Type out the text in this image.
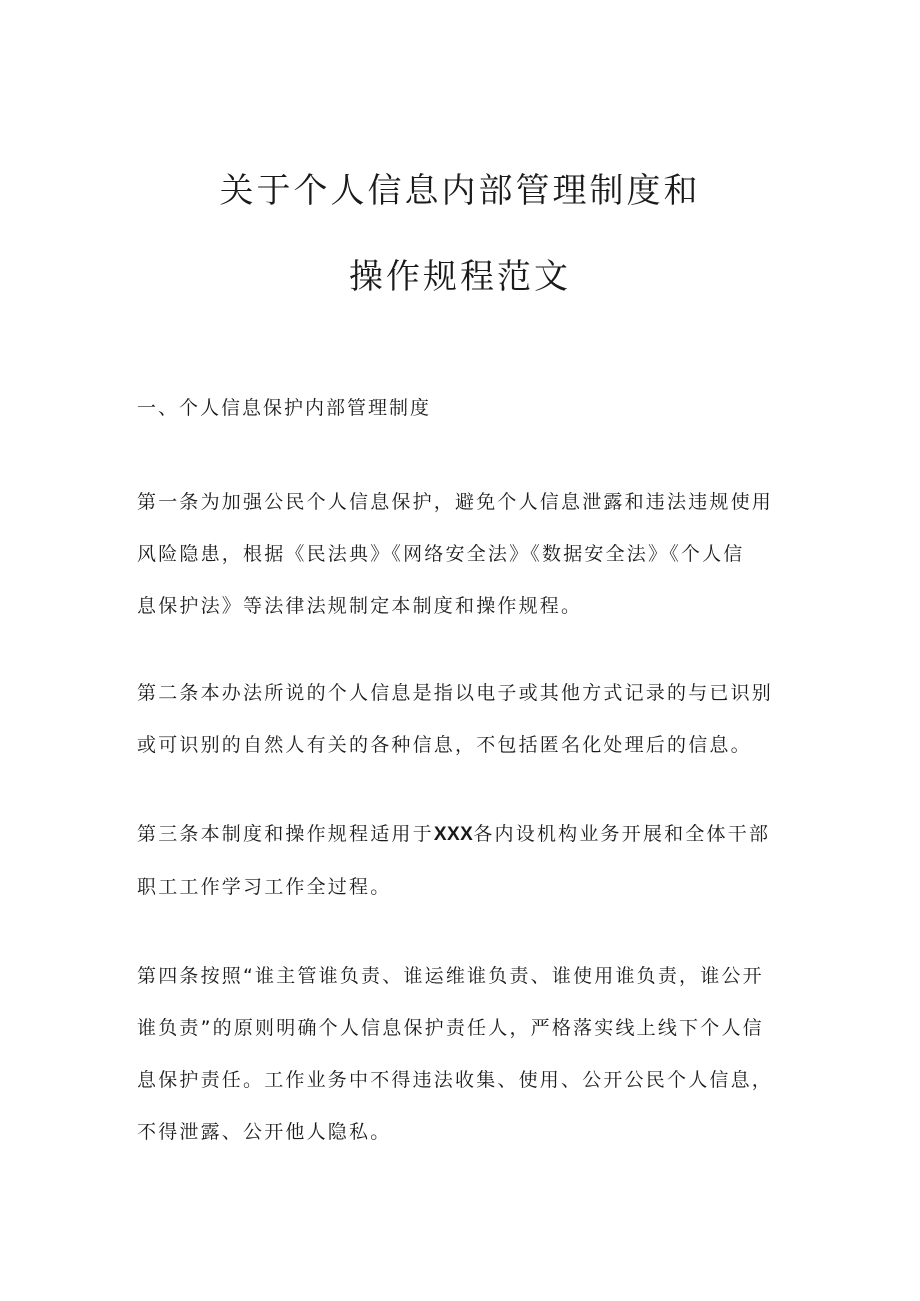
关于个人信息内部管理制度和
操作规程范文
一、个人信息保护内部管理制度

第一条为加强公民个人信息保护，避免个人信息泄露和违法违规使用
风险隐患，根据《民法典》《网络安全法》《数据安全法》《个人信
息保护法》等法律法规制定本制度和操作规程。

第二条本办法所说的个人信息是指以电子或其他方式记录的与已识别
或可识别的自然人有关的各种信息，不包括匿名化处理后的信息。

第三条本制度和操作规程适用于XXX各内设机构业务开展和全体干部
职工工作学习工作全过程。

第四条按照“谁主管谁负责、谁运维谁负责、谁使用谁负责，谁公开
谁负责”的原则明确个人信息保护责任人，严格落实线上线下个人信
息保护责任。工作业务中不得违法收集、使用、公开公民个人信息，
不得泄露、公开他人隐私。
